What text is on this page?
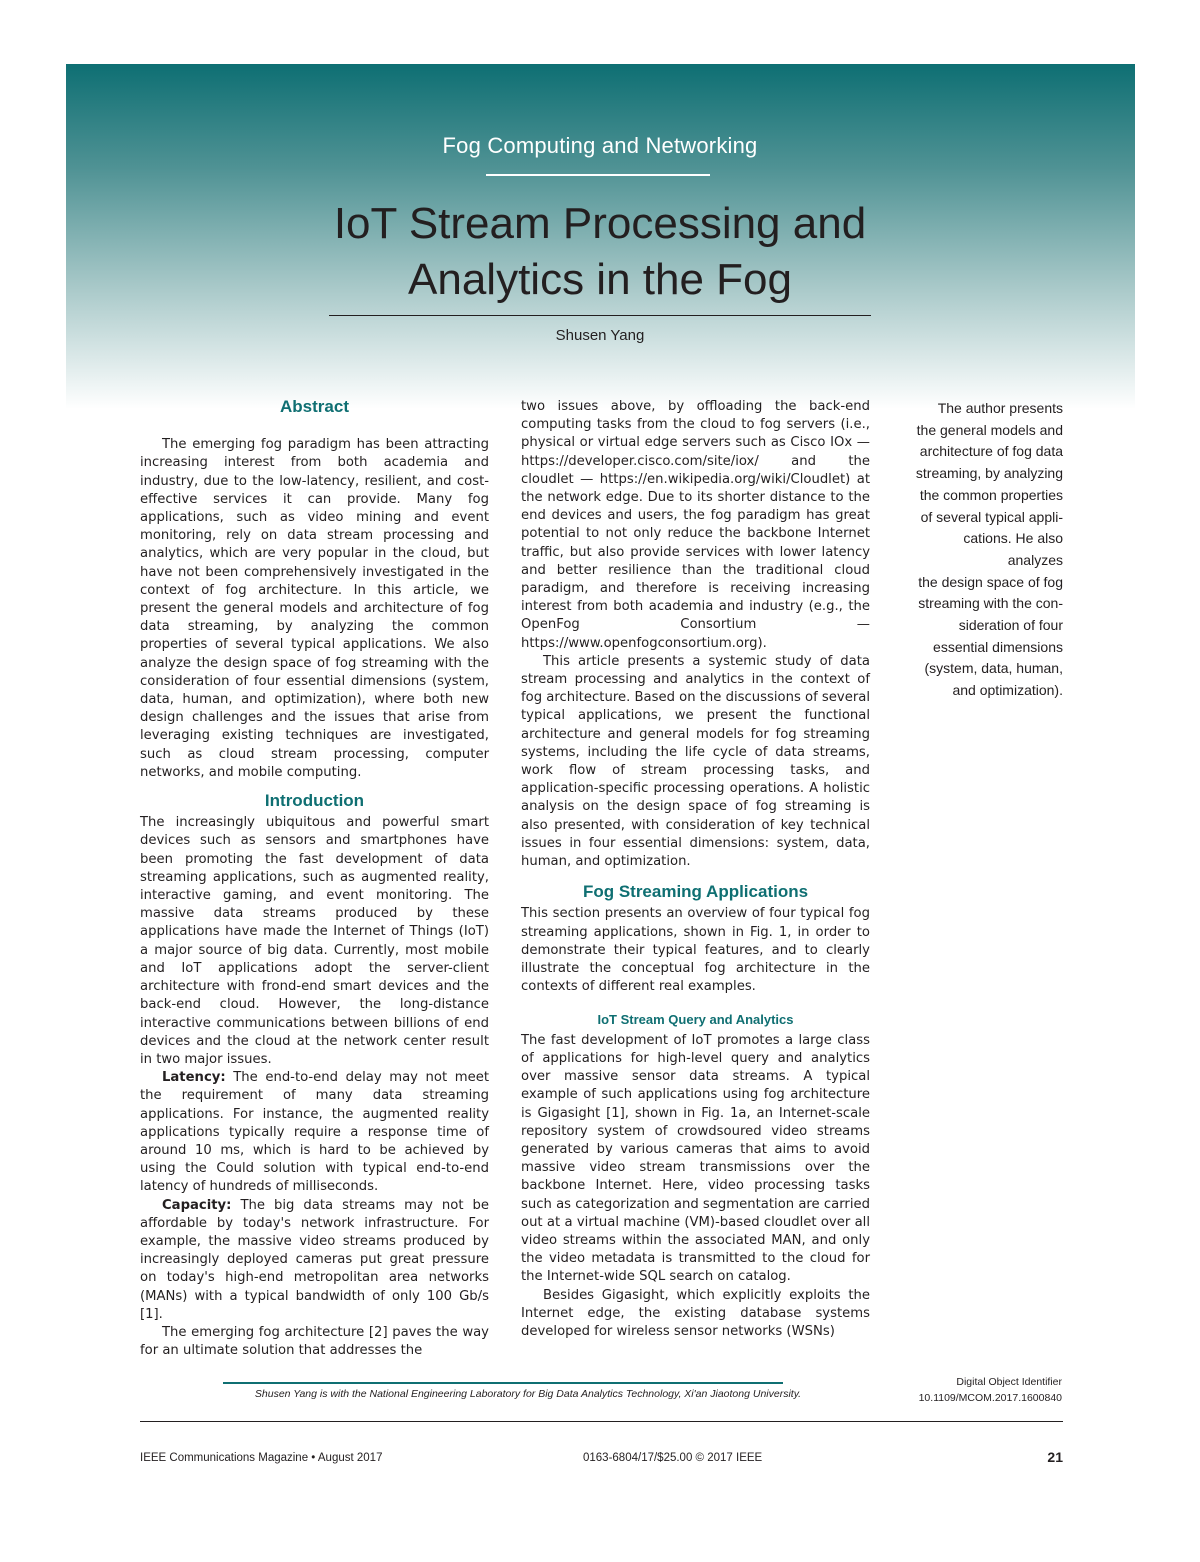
Fog Computing and Networking
IoT Stream Processing and
Analytics in the Fog
Shusen Yang
Abstract

The emerging fog paradigm has been attracting increasing interest from both academia and industry, due to the low-latency, resilient, and cost-effective services it can provide. Many fog applications, such as video mining and event monitoring, rely on data stream processing and analytics, which are very popular in the cloud, but have not been comprehensively investigated in the context of fog architecture. In this article, we present the general models and architecture of fog data streaming, by analyzing the common properties of several typical applications. We also analyze the design space of fog streaming with the consideration of four essential dimensions (system, data, human, and optimization), where both new design challenges and the issues that arise from leveraging existing techniques are investigated, such as cloud stream processing, computer networks, and mobile computing.

Introduction

The increasingly ubiquitous and powerful smart devices such as sensors and smartphones have been promoting the fast development of data streaming applications, such as augmented reality, interactive gaming, and event monitoring. The massive data streams produced by these applications have made the Internet of Things (IoT) a major source of big data. Currently, most mobile and IoT applications adopt the server-client architecture with frond-end smart devices and the back-end cloud. However, the long-distance interactive communications between billions of end devices and the cloud at the network center result in two major issues.

Latency: The end-to-end delay may not meet the requirement of many data streaming applications. For instance, the augmented reality applications typically require a response time of around 10 ms, which is hard to be achieved by using the Could solution with typical end-to-end latency of hundreds of milliseconds.

Capacity: The big data streams may not be affordable by today's network infrastructure. For example, the massive video streams produced by increasingly deployed cameras put great pressure on today's high-end metropolitan area networks (MANs) with a typical bandwidth of only 100 Gb/s [1].

The emerging fog architecture [2] paves the way for an ultimate solution that addresses the

two issues above, by offloading the back-end computing tasks from the cloud to fog servers (i.e., physical or virtual edge servers such as Cisco IOx — https://developer.cisco.com/site/iox/ and the cloudlet — https://en.wikipedia.org/wiki/Cloudlet) at the network edge. Due to its shorter distance to the end devices and users, the fog paradigm has great potential to not only reduce the backbone Internet traffic, but also provide services with lower latency and better resilience than the traditional cloud paradigm, and therefore is receiving increasing interest from both academia and industry (e.g., the OpenFog Consortium — https://www.openfogconsortium.org).

This article presents a systemic study of data stream processing and analytics in the context of fog architecture. Based on the discussions of several typical applications, we present the functional architecture and general models for fog streaming systems, including the life cycle of data streams, work flow of stream processing tasks, and application-specific processing operations. A holistic analysis on the design space of fog streaming is also presented, with consideration of key technical issues in four essential dimensions: system, data, human, and optimization.

Fog Streaming Applications

This section presents an overview of four typical fog streaming applications, shown in Fig. 1, in order to demonstrate their typical features, and to clearly illustrate the conceptual fog architecture in the contexts of different real examples.

IoT Stream Query and Analytics

The fast development of IoT promotes a large class of applications for high-level query and analytics over massive sensor data streams. A typical example of such applications using fog architecture is Gigasight [1], shown in Fig. 1a, an Internet-scale repository system of crowdsoured video streams generated by various cameras that aims to avoid massive video stream transmissions over the backbone Internet. Here, video processing tasks such as categorization and segmentation are carried out at a virtual machine (VM)-based cloudlet over all video streams within the associated MAN, and only the video metadata is transmitted to the cloud for the Internet-wide SQL search on catalog.

Besides Gigasight, which explicitly exploits the Internet edge, the existing database systems developed for wireless sensor networks (WSNs)

The author presents
the general models and
architecture of fog data
streaming, by analyzing
the common properties
of several typical appli-
cations. He also analyzes
the design space of fog
streaming with the con-
sideration of four
essential dimensions
(system, data, human,
and optimization).
Shusen Yang is with the National Engineering Laboratory for Big Data Analytics Technology, Xi'an Jiaotong University.
Digital Object Identifier
10.1109/MCOM.2017.1600840
IEEE Communications Magazine • August 2017	0163-6804/17/$25.00 © 2017 IEEE	21
